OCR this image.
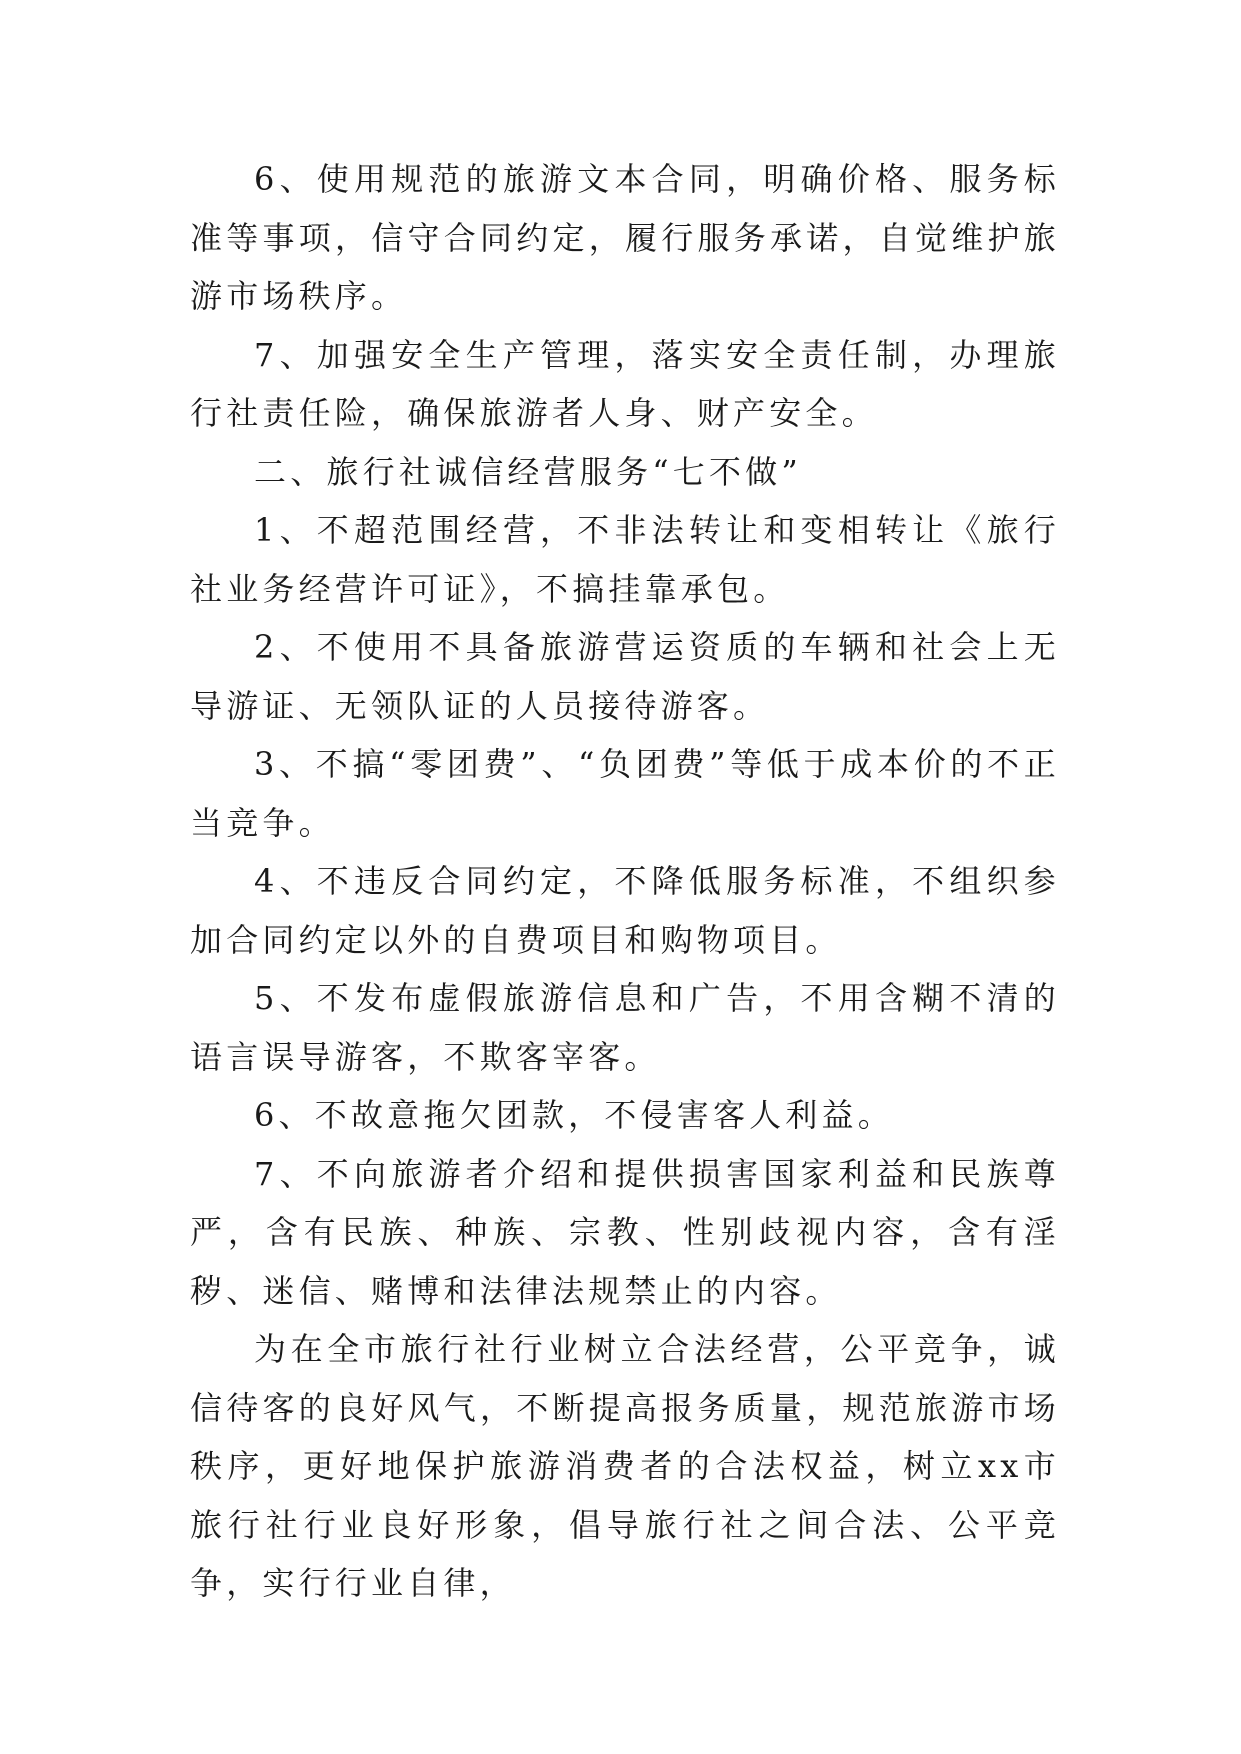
6、使用规范的旅游文本合同，明确价格、服务标准等事项，信守合同约定，履行服务承诺，自觉维护旅游市场秩序。

7、加强安全生产管理，落实安全责任制，办理旅行社责任险，确保旅游者人身、财产安全。

二、旅行社诚信经营服务“七不做”

1、不超范围经营，不非法转让和变相转让《旅行社业务经营许可证》，不搞挂靠承包。

2、不使用不具备旅游营运资质的车辆和社会上无导游证、无领队证的人员接待游客。

3、不搞“零团费”、“负团费”等低于成本价的不正当竞争。

4、不违反合同约定，不降低服务标准，不组织参加合同约定以外的自费项目和购物项目。

5、不发布虚假旅游信息和广告，不用含糊不清的语言误导游客，不欺客宰客。

6、不故意拖欠团款，不侵害客人利益。

7、不向旅游者介绍和提供损害国家利益和民族尊严，含有民族、种族、宗教、性别歧视内容，含有淫秽、迷信、赌博和法律法规禁止的内容。

为在全市旅行社行业树立合法经营，公平竞争，诚信待客的良好风气，不断提高报务质量，规范旅游市场秩序，更好地保护旅游消费者的合法权益，树立xx市旅行社行业良好形象，倡导旅行社之间合法、公平竞争，实行行业自律，
